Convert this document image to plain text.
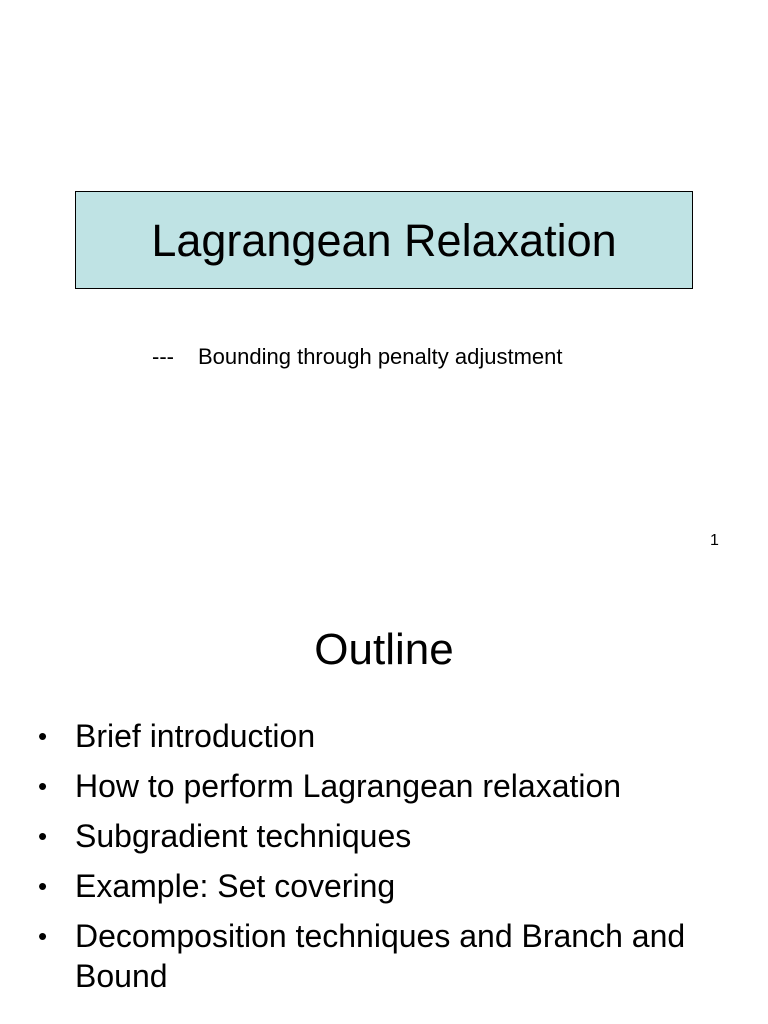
Lagrangean Relaxation
--- Bounding through penalty adjustment
1
Outline
• Brief introduction
• How to perform Lagrangean relaxation
• Subgradient techniques
• Example: Set covering
• Decomposition techniques and Branch and Bound
